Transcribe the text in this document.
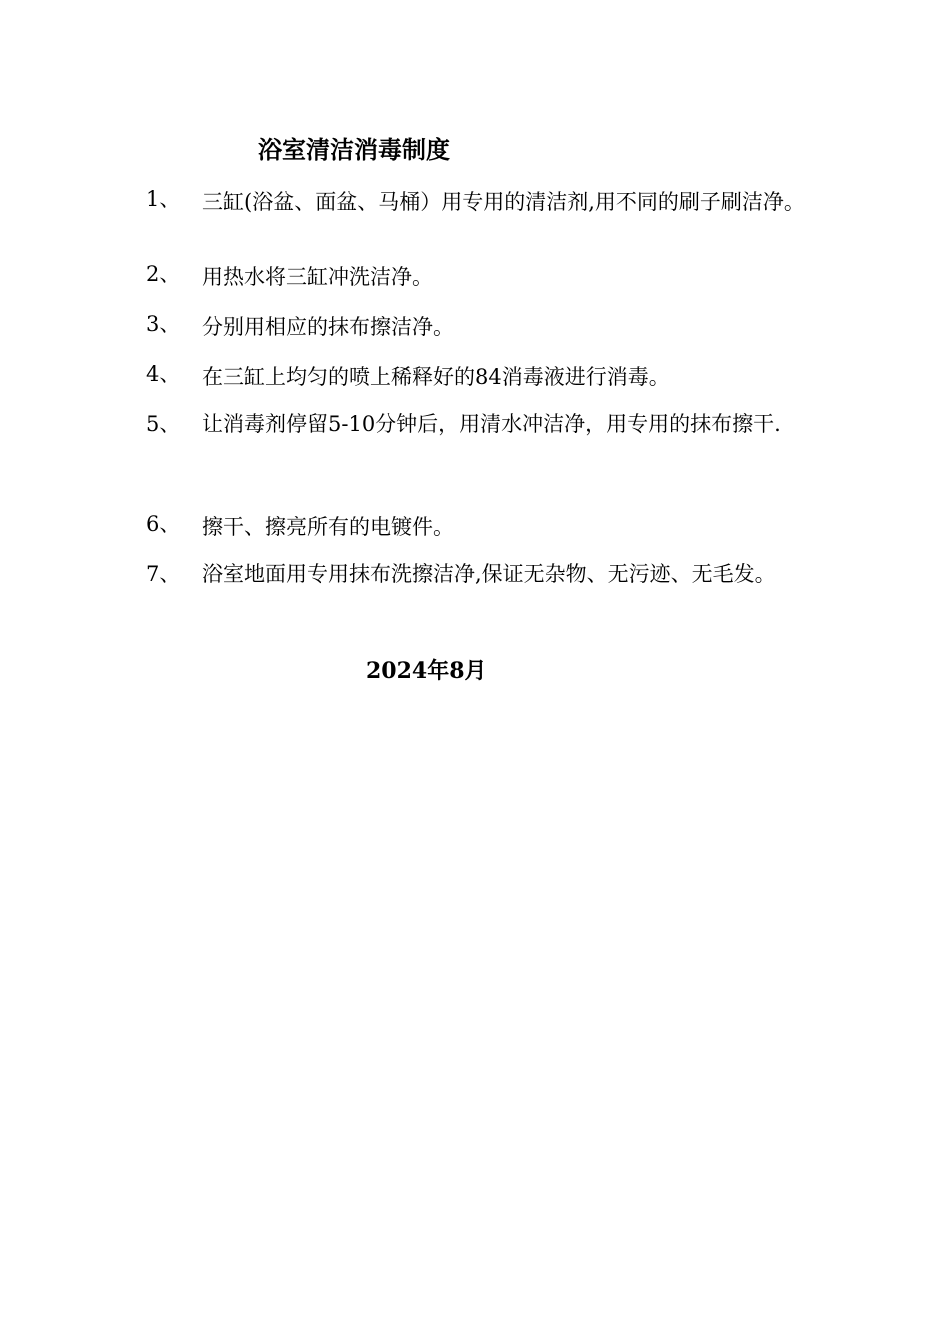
浴室清洁消毒制度
1、	三缸(浴盆、面盆、马桶）用专用的清洁剂,用不同的刷子刷洁净。
2、	用热水将三缸冲洗洁净。
3、	分别用相应的抹布擦洁净。
4、	在三缸上均匀的喷上稀释好的84消毒液进行消毒。
5、	让消毒剂停留5-10分钟后，用清水冲洁净，用专用的抹布擦干.
6、	擦干、擦亮所有的电镀件。
7、	浴室地面用专用抹布洗擦洁净,保证无杂物、无污迹、无毛发。
2024年8月
